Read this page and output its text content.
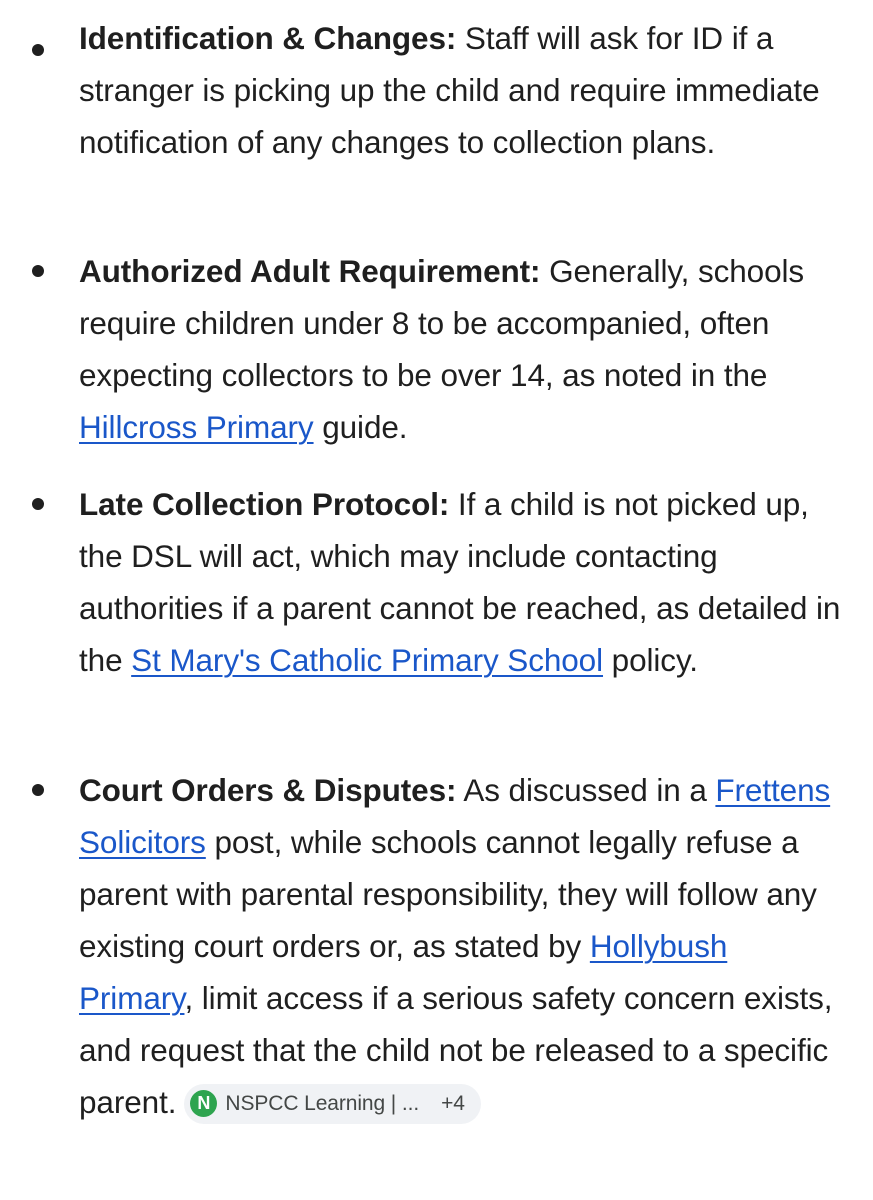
Identification & Changes: Staff will ask for ID if a stranger is picking up the child and require immediate notification of any changes to collection plans.

Authorized Adult Requirement: Generally, schools require children under 8 to be accompanied, often expecting collectors to be over 14, as noted in the Hillcross Primary guide.

Late Collection Protocol: If a child is not picked up, the DSL will act, which may include contacting authorities if a parent cannot be reached, as detailed in the St Mary's Catholic Primary School policy.

Court Orders & Disputes: As discussed in a Frettens Solicitors post, while schools cannot legally refuse a parent with parental responsibility, they will follow any existing court orders or, as stated by Hollybush Primary, limit access if a serious safety concern exists, and request that the child not be released to a specific parent.	N NSPCC Learning | ... +4
